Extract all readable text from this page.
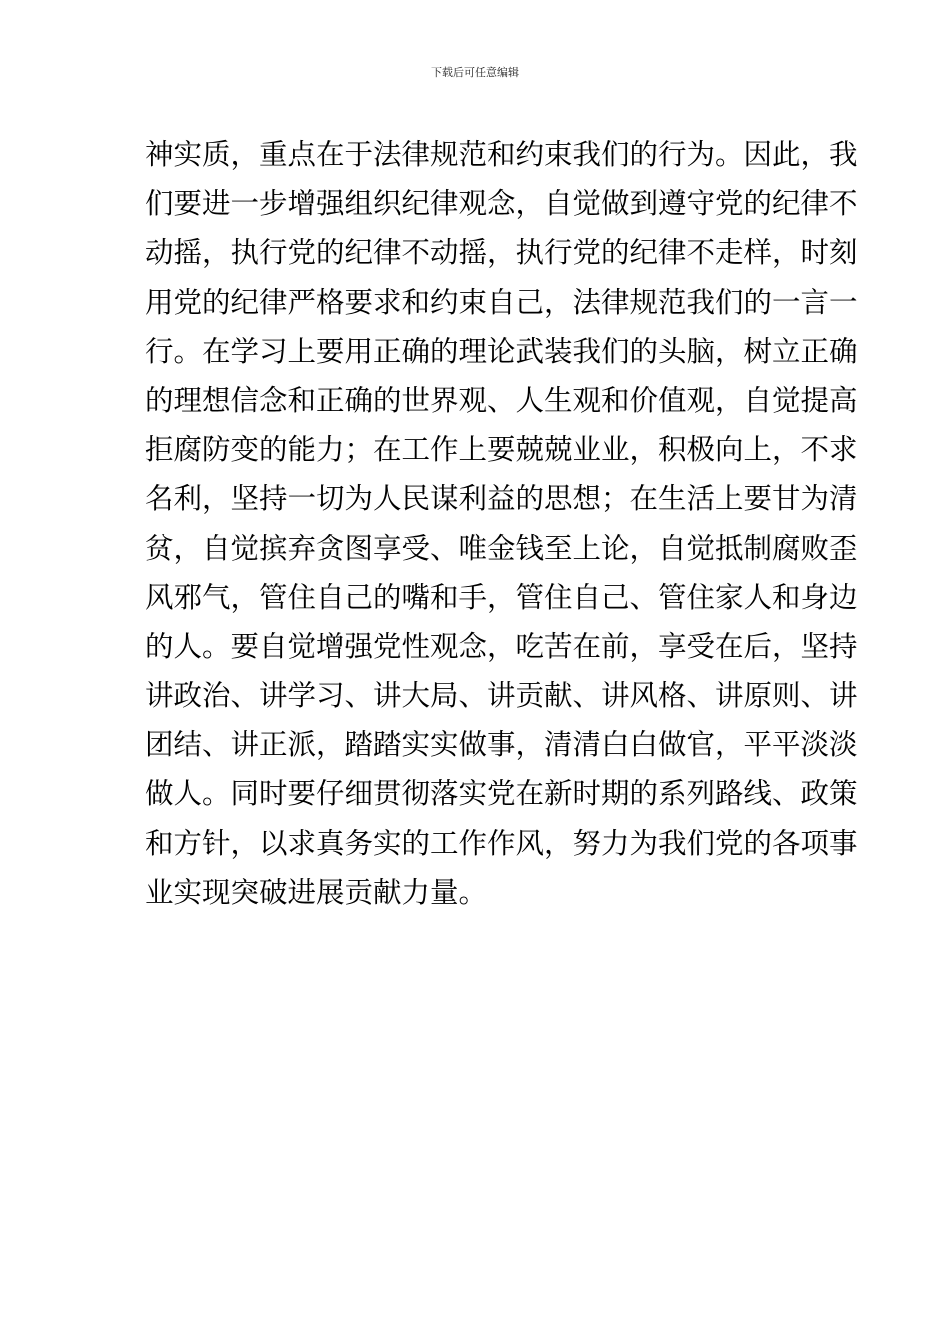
下载后可任意编辑
神实质，重点在于法律规范和约束我们的行为。因此，我
们要进一步增强组织纪律观念，自觉做到遵守党的纪律不
动摇，执行党的纪律不动摇，执行党的纪律不走样，时刻
用党的纪律严格要求和约束自己，法律规范我们的一言一
行。在学习上要用正确的理论武装我们的头脑，树立正确
的理想信念和正确的世界观、人生观和价值观，自觉提高
拒腐防变的能力；在工作上要兢兢业业，积极向上，不求
名利，坚持一切为人民谋利益的思想；在生活上要甘为清
贫，自觉摈弃贪图享受、唯金钱至上论，自觉抵制腐败歪
风邪气，管住自己的嘴和手，管住自己、管住家人和身边
的人。要自觉增强党性观念，吃苦在前，享受在后，坚持
讲政治、讲学习、讲大局、讲贡献、讲风格、讲原则、讲
团结、讲正派，踏踏实实做事，清清白白做官，平平淡淡
做人。同时要仔细贯彻落实党在新时期的系列路线、政策
和方针，以求真务实的工作作风，努力为我们党的各项事
业实现突破进展贡献力量。
